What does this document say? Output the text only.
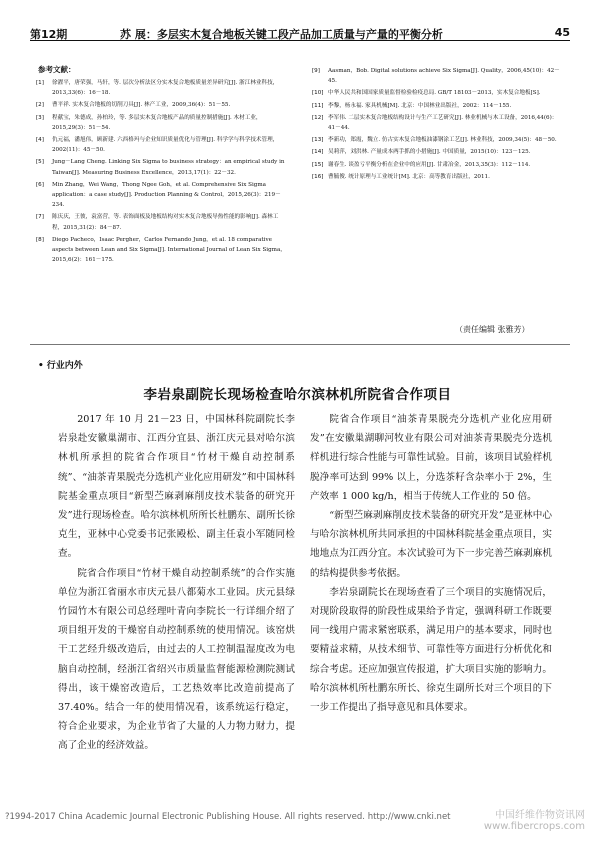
第12期	苏 展：多层实木复合地板关键工段产品加工质量与产量的平衡分析	45
参考文献：
[1]	徐濯平，唐荣强，马轩，等. 层次分析法区分实木复合地板质量差异研究[J]. 浙江林业科技，2013,33(6)：16－18.
[2]	曹平祥. 实木复合地板的切削刀具[J]. 林产工业，2009,36(4)：51－55.
[3]	程献宝，朱德成，孙柏玲，等. 多层实木复合地板产品的质量控制措施[J]. 木材工业，2015,29(3)：51－54.
[4]	仇元福，潘旭伟，顾新建. 六西格玛与企业知识质量优化与管理[J]. 科学学与科学技术管理，2002(11)：45－50.
[5]	Jung－Lang Cheng. Linking Six Sigma to business strategy：an empirical study in Taiwan[J]. Measuring Business Excellence，2013,17(1)：22－32.
[6]	Min Zhang，Wei Wang，Thong Ngee Goh，et al. Comprehensive Six Sigma application：a case study[J]. Production Planning & Control，2015,26(3)：219－234.
[7]	陈庆庆，王彼，袁富营，等. 表饰面板及地板结构对实木复合地板导热性能的影响[J]. 森林工程，2015,31(2)：84－87.
[8]	Diego Pacheco，Isaac Pergher，Carlos Fernando Jung，et al. 18 comparative aspects between Lean and Six Sigma[J]. International Journal of Lean Six Sigma，2015,6(2)：161－175.
[9]	Aasman，Bob. Digital solutions achieve Six Sigma[J]. Quality，2006,45(10)：42－45.
[10] 中华人民共和国国家质量监督检验检疫总局. GB/T 18103－2013，实木复合地板[S].
[11] 李黎，杨永福. 家具机械[M]. 北京：中国林业出版社，2002：114－155.
[12] 李军伟. 二层实木复合地板结构设计与生产工艺研究[J]. 林业机械与木工设备，2016,44(6)：41－44.
[13] 李新功，郑霞，魏立. 仿古实木复合地板油漆钢涂工艺[J]. 林业科技，2009,34(5)：48－50.
[14] 吴莉萍，刘洪林. 产量成本两手抓的小措施[J]. 中国质量，2015(10)：123－125.
[15] 谢春生. 谈盈亏平衡分析在企业中的应用[J]. 甘肃冶金，2013,35(3)：112－114.
[16] 曹毓俊. 统计原理与工业统计[M]. 北京：高等教育出版社，2011.
（责任编辑 张雅芳）
• 行业内外
李岩泉副院长现场检查哈尔滨林机所院省合作项目

2017 年 10 月 21－23 日，中国林科院副院长李岩泉赴安徽巢湖市、江西分宜县、浙江庆元县对哈尔滨林机所承担的院省合作项目“竹材干燥自动控制系统”、“油茶青果脱壳分选机产业化应用研发”和中国林科院基金重点项目“新型苎麻剥麻削皮技术装备的研究开发”进行现场检查。哈尔滨林机所所长杜鹏东、副所长徐克生，亚林中心党委书记张殿松、副主任袁小军随同检查。

院省合作项目“竹材干燥自动控制系统”的合作实施单位为浙江省丽水市庆元县八都菊水工业园。庆元县绿竹园竹木有限公司总经理叶青向李院长一行详细介绍了项目组开发的干燥窑自动控制系统的使用情况。该窑烘干工艺经升级改造后，由过去的人工控制温湿度改为电脑自动控制，经浙江省绍兴市质量监督能源检测院测试得出，该干燥窑改造后，工艺热效率比改造前提高了 37.40%。结合一年的使用情况看，该系统运行稳定，符合企业要求，为企业节省了大量的人力物力财力，提高了企业的经济效益。

院省合作项目“油茶青果脱壳分选机产业化应用研发”在安徽巢湖聊河牧业有限公司对油茶青果脱壳分选机样机进行综合性能与可靠性试验。目前，该项目试验样机脱净率可达到 99% 以上，分选茶籽含杂率小于 2%，生产效率 1 000 kg/h，相当于传统人工作业的 50 倍。

“新型苎麻剥麻削皮技术装备的研究开发”是亚林中心与哈尔滨林机所共同承担的中国林科院基金重点项目，实地地点为江西分宜。本次试验可为下一步完善苎麻剥麻机的结构提供参考依据。

李岩泉副院长在现场查看了三个项目的实施情况后，对现阶段取得的阶段性成果给予肯定，强调科研工作既要同一线用户需求紧密联系，满足用户的基本要求，同时也要精益求精，从技术细节、可靠性等方面进行分析优化和综合考虑。还应加强宣传报道，扩大项目实施的影响力。哈尔滨林机所杜鹏东所长、徐克生副所长对三个项目的下一步工作提出了指导意见和具体要求。

?1994-2017 China Academic Journal Electronic Publishing House. All rights reserved. http://www.cnki.net	中国纤维作物资讯网
www.fibercrops.com
